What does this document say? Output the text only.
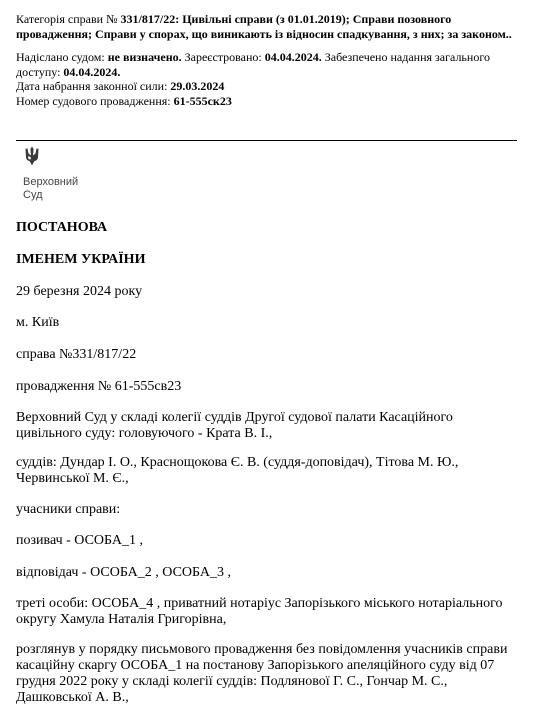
Категорія справи № 331/817/22: Цивільні справи (з 01.01.2019); Справи позовного провадження; Справи у спорах, що виникають із відносин спадкування, з них; за законом..

Надіслано судом: не визначено. Зареєстровано: 04.04.2024. Забезпечено надання загального доступу: 04.04.2024.

Дата набрання законної сили: 29.03.2024

Номер судового провадження: 61-555ск23

Верховний
Суд

ПОСТАНОВА

ІМЕНЕМ УКРАЇНИ

29 березня 2024 року

м. Київ

справа №331/817/22

провадження № 61-555св23

Верховний Суд у складі колегії суддів Другої судової палати Касаційного цивільного суду: головуючого - Крата В. І.,

суддів: Дундар І. О., Краснощокова Є. В. (суддя-доповідач), Тітова М. Ю., Червинської М. Є.,

учасники справи:

позивач - ОСОБА_1 ,

відповідач - ОСОБА_2 , ОСОБА_3 ,

треті особи: ОСОБА_4 , приватний нотаріус Запорізького міського нотаріального округу Хамула Наталія Григорівна,

розглянув у порядку письмового провадження без повідомлення учасників справи касаційну скаргу ОСОБА_1 на постанову Запорізького апеляційного суду від 07 грудня 2022 року у складі колегії суддів: Подлянової Г. С., Гончар М. С., Дашковської А. В.,
